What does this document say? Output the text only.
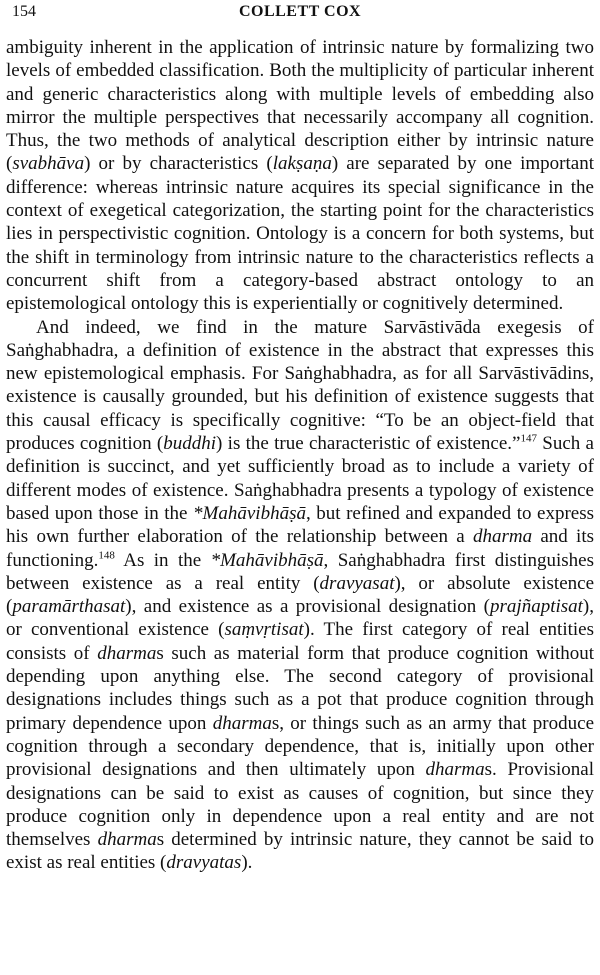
154	COLLETT COX

ambiguity inherent in the application of intrinsic nature by formalizing two levels of embedded classification. Both the multiplicity of particular inherent and generic characteristics along with multiple levels of embedding also mirror the multiple perspectives that necessarily accompany all cognition. Thus, the two methods of analytical description either by intrinsic nature (svabhāva) or by characteristics (lakṣaṇa) are separated by one important difference: whereas intrinsic nature acquires its special significance in the context of exegetical categorization, the starting point for the characteristics lies in perspectivistic cognition. Ontology is a concern for both systems, but the shift in terminology from intrinsic nature to the characteristics reflects a concurrent shift from a category-based abstract ontology to an epistemological ontology this is experientially or cognitively determined.

And indeed, we find in the mature Sarvāstivāda exegesis of Saṅghabhadra, a definition of existence in the abstract that expresses this new epistemological emphasis. For Saṅghabhadra, as for all Sarvāstivādins, existence is causally grounded, but his definition of existence suggests that this causal efficacy is specifically cognitive: “To be an object-field that produces cognition (buddhi) is the true characteristic of existence.”$^{147}$ Such a definition is succinct, and yet sufficiently broad as to include a variety of different modes of existence. Saṅghabhadra presents a typology of existence based upon those in the *Mahāvibhāṣā, but refined and expanded to express his own further elaboration of the relationship between a dharma and its functioning.$^{148}$ As in the *Mahāvibhāṣā, Saṅghabhadra first distinguishes between existence as a real entity (dravyasat), or absolute existence (paramārthasat), and existence as a provisional designation (prajñaptisat), or conventional existence (saṃvṛtisat). The first category of real entities consists of dharmas such as material form that produce cognition without depending upon anything else. The second category of provisional designations includes things such as a pot that produce cognition through primary dependence upon dharmas, or things such as an army that produce cognition through a secondary dependence, that is, initially upon other provisional designations and then ultimately upon dharmas. Provisional designations can be said to exist as causes of cognition, but since they produce cognition only in dependence upon a real entity and are not themselves dharmas determined by intrinsic nature, they cannot be said to exist as real entities (dravyatas).
